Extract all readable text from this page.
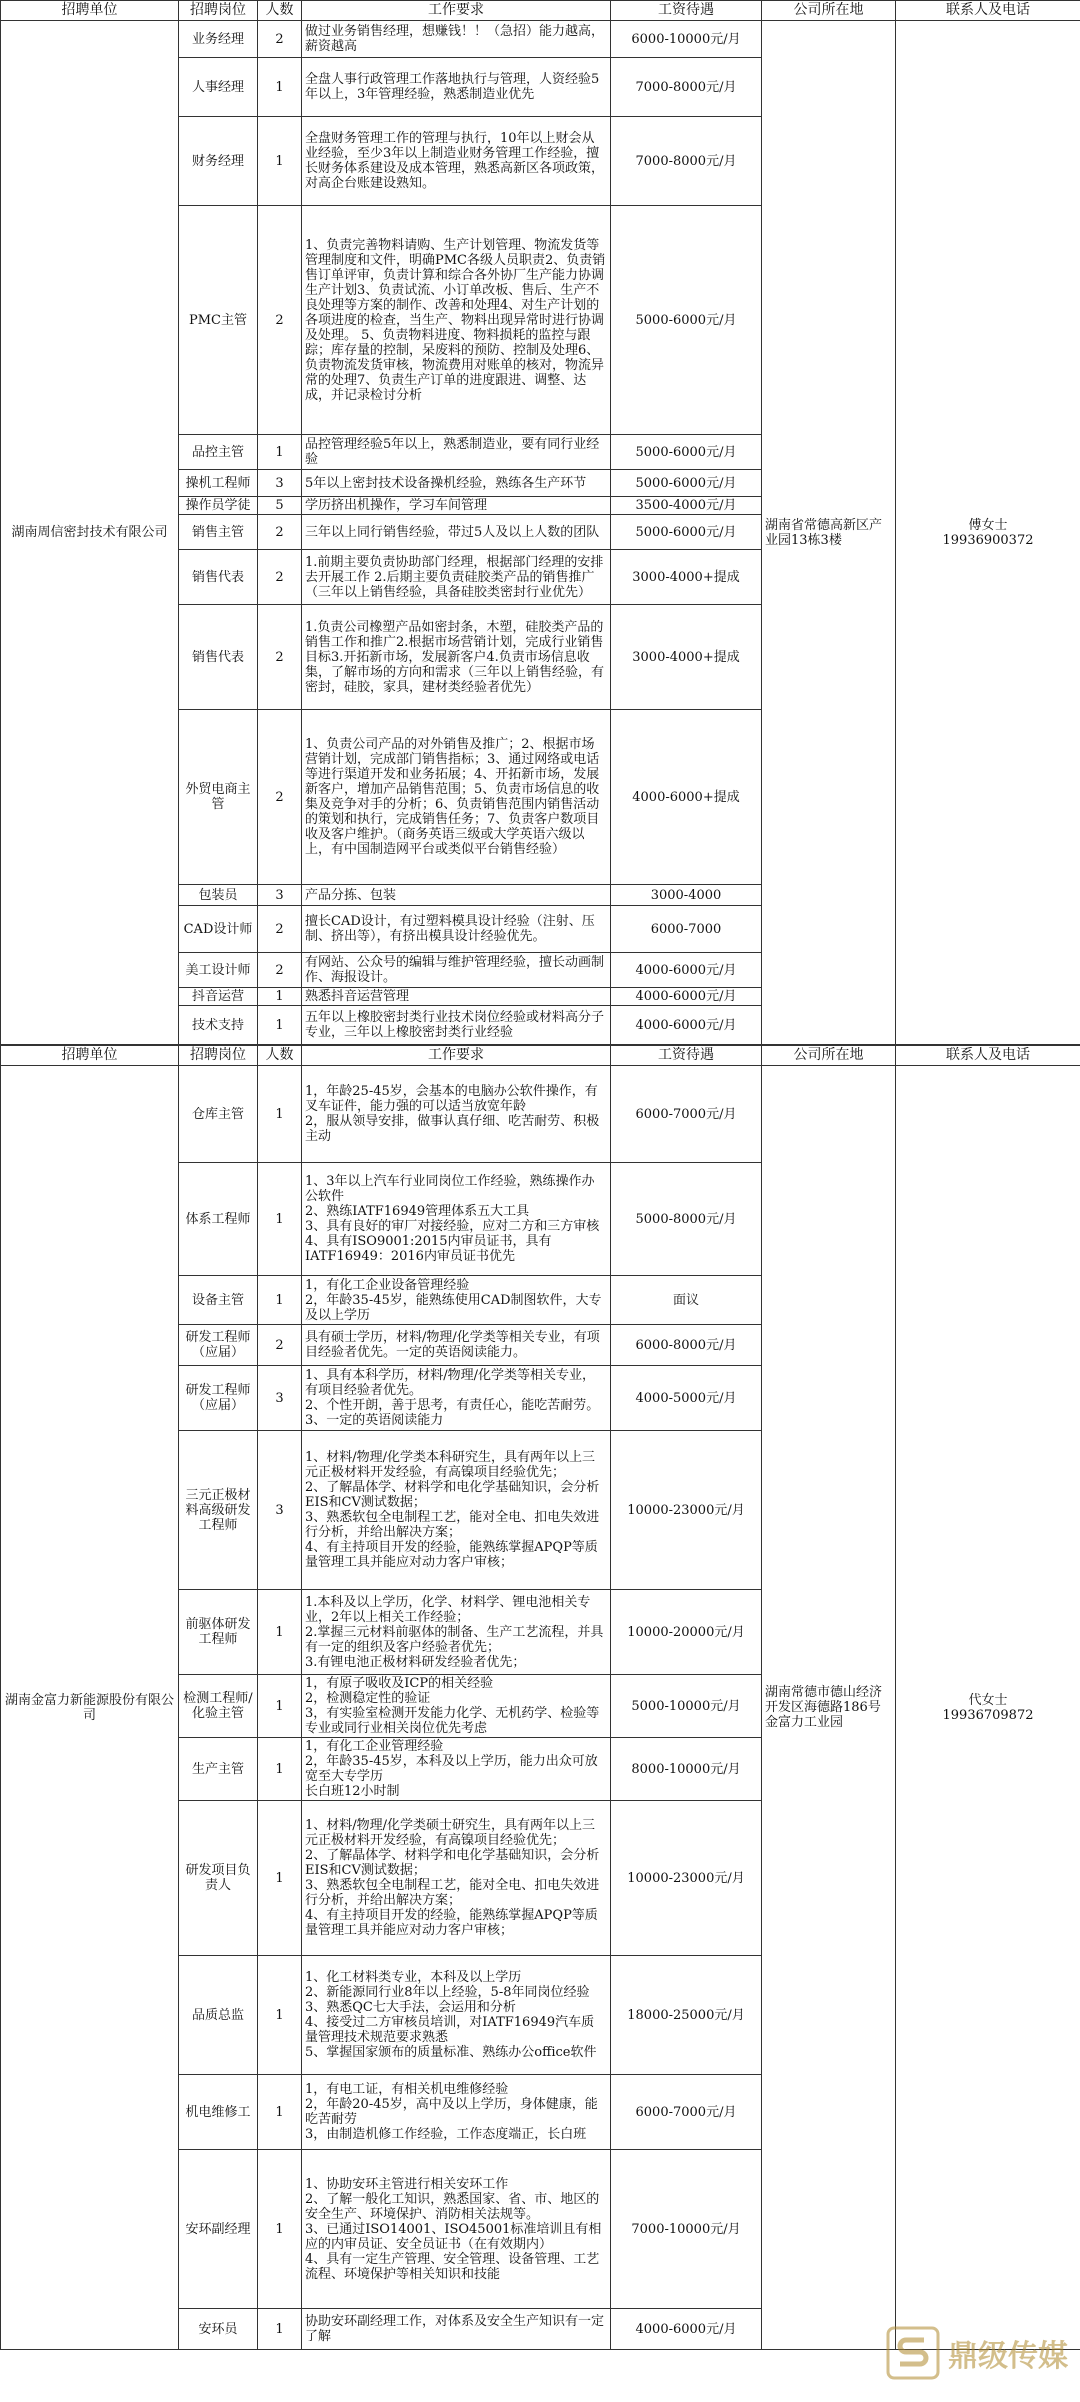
招聘单位	招聘岗位	人数	工作要求	工资待遇	公司所在地	联系人及电话
湖南周信密封技术有限公司	业务经理	2	做过业务销售经理，想赚钱！！（急招）能力越高，薪资越高	6000-10000元/月	湖南省常德高新区产业园13栋3楼	傅女士
19936900372
	人事经理	1	全盘人事行政管理工作落地执行与管理，人资经验5年以上，3年管理经验，熟悉制造业优先	7000-8000元/月		
	财务经理	1	全盘财务管理工作的管理与执行，10年以上财会从业经验，至少3年以上制造业财务管理工作经验，擅长财务体系建设及成本管理，熟悉高新区各项政策，对高企台账建设熟知。	7000-8000元/月		
	PMC主管	2	1、负责完善物料请购、生产计划管理、物流发货等管理制度和文件，明确PMC各级人员职责2、负责销售订单评审，负责计算和综合各外协厂生产能力协调生产计划3、负责试流、小订单改板、售后、生产不良处理等方案的制作、改善和处理4、对生产计划的各项进度的检查，当生产、物料出现异常时进行协调及处理。 5、负责物料进度、物料损耗的监控与跟踪；库存量的控制，呆废料的预防、控制及处理6、负责物流发货审核，物流费用对账单的核对，物流异常的处理7、负责生产订单的进度跟进、调整、达成，并记录检讨分析	5000-6000元/月		
	品控主管	1	品控管理经验5年以上，熟悉制造业，要有同行业经验	5000-6000元/月		
	操机工程师	3	5年以上密封技术设备操机经验，熟练各生产环节	5000-6000元/月		
	操作员学徒	5	学历挤出机操作，学习车间管理	3500-4000元/月		
	销售主管	2	三年以上同行销售经验，带过5人及以上人数的团队	5000-6000元/月		
	销售代表	2	1.前期主要负责协助部门经理，根据部门经理的安排去开展工作 2.后期主要负责硅胶类产品的销售推广（三年以上销售经验，具备硅胶类密封行业优先）	3000-4000+提成		
	销售代表	2	1.负责公司橡塑产品如密封条，木塑，硅胶类产品的销售工作和推广2.根据市场营销计划，完成行业销售目标3.开拓新市场，发展新客户4.负责市场信息收集，了解市场的方向和需求（三年以上销售经验，有密封，硅胶，家具，建材类经验者优先）	3000-4000+提成		
	外贸电商主管	2	1、负责公司产品的对外销售及推广；2、根据市场营销计划，完成部门销售指标；3、通过网络或电话等进行渠道开发和业务拓展；4、开拓新市场，发展新客户，增加产品销售范围；5、负责市场信息的收集及竞争对手的分析；6、负责销售范围内销售活动的策划和执行，完成销售任务；7、负责客户数项目收及客户维护。（商务英语三级或大学英语六级以上，有中国制造网平台或类似平台销售经验）	4000-6000+提成		
	包装员	3	产品分拣、包装	3000-4000		
	CAD设计师	2	擅长CAD设计，有过塑料模具设计经验（注射、压制、挤出等），有挤出模具设计经验优先。	6000-7000		
	美工设计师	2	有网站、公众号的编辑与维护管理经验，擅长动画制作、海报设计。	4000-6000元/月		
	抖音运营	1	熟悉抖音运营管理	4000-6000元/月		
	技术支持	1	五年以上橡胶密封类行业技术岗位经验或材料高分子专业，三年以上橡胶密封类行业经验	4000-6000元/月		
招聘单位	招聘岗位	人数	工作要求	工资待遇	公司所在地	联系人及电话
湖南金富力新能源股份有限公司	仓库主管	1	1，年龄25-45岁，会基本的电脑办公软件操作，有叉车证件，能力强的可以适当放宽年龄
2，服从领导安排，做事认真仔细、吃苦耐劳、积极主动	6000-7000元/月	湖南常德市德山经济开发区海德路186号金富力工业园	代女士
19936709872
	体系工程师	1	1、3年以上汽车行业同岗位工作经验，熟练操作办公软件
2、熟练IATF16949管理体系五大工具
3、具有良好的审厂对接经验，应对二方和三方审核
4、具有ISO9001:2015内审员证书，具有IATF16949：2016内审员证书优先	5000-8000元/月		
	设备主管	1	1，有化工企业设备管理经验
2，年龄35-45岁，能熟练使用CAD制图软件，大专及以上学历	面议		
	研发工程师（应届）	2	具有硕士学历，材料/物理/化学类等相关专业，有项目经验者优先。一定的英语阅读能力。	6000-8000元/月		
	研发工程师（应届）	3	1、具有本科学历，材料/物理/化学类等相关专业，有项目经验者优先。
2、个性开朗，善于思考，有责任心，能吃苦耐劳。
3、一定的英语阅读能力	4000-5000元/月		
	三元正极材料高级研发工程师	3	1、材料/物理/化学类本科研究生，具有两年以上三元正极材料开发经验，有高镍项目经验优先；
2、了解晶体学、材料学和电化学基础知识，会分析EIS和CV测试数据；
3、熟悉软包全电制程工艺，能对全电、扣电失效进行分析，并给出解决方案；
4、有主持项目开发的经验，能熟练掌握APQP等质量管理工具并能应对动力客户审核；	10000-23000元/月		
	前驱体研发工程师	1	1.本科及以上学历，化学、材料学、锂电池相关专业，2年以上相关工作经验；
2.掌握三元材料前驱体的制备、生产工艺流程，并具有一定的组织及客户经验者优先；
3.有锂电池正极材料研发经验者优先；	10000-20000元/月		
	检测工程师/化验主管	1	1，有原子吸收及ICP的相关经验
2，检测稳定性的验证
3，有实验室检测开发能力化学、无机药学、检验等专业或同行业相关岗位优先考虑	5000-10000元/月		
	生产主管	1	1，有化工企业管理经验
2，年龄35-45岁，本科及以上学历，能力出众可放宽至大专学历
长白班12小时制	8000-10000元/月		
	研发项目负责人	1	1、材料/物理/化学类硕士研究生，具有两年以上三元正极材料开发经验，有高镍项目经验优先；
2、了解晶体学、材料学和电化学基础知识，会分析EIS和CV测试数据；
3、熟悉软包全电制程工艺，能对全电、扣电失效进行分析，并给出解决方案；
4、有主持项目开发的经验，能熟练掌握APQP等质量管理工具并能应对动力客户审核；	10000-23000元/月		
	品质总监	1	1、化工材料类专业，本科及以上学历
2、新能源同行业8年以上经验，5-8年同岗位经验
3、熟悉QC七大手法，会运用和分析
4、接受过二方审核员培训，对IATF16949汽车质量管理技术规范要求熟悉
5、掌握国家颁布的质量标准、熟练办公office软件	18000-25000元/月		
	机电维修工	1	1，有电工证，有相关机电维修经验
2，年龄20-45岁，高中及以上学历，身体健康，能吃苦耐劳
3，由制造机修工作经验，工作态度端正，长白班	6000-7000元/月		
	安环副经理	1	1、协助安环主管进行相关安环工作
2、了解一般化工知识，熟悉国家、省、市、地区的安全生产、环境保护、消防相关法规等。
3、已通过ISO14001、ISO45001标准培训且有相应的内审员证、安全员证书（在有效期内）
4、具有一定生产管理、安全管理、设备管理、工艺流程、环境保护等相关知识和技能	7000-10000元/月		
	安环员	1	协助安环副经理工作，对体系及安全生产知识有一定了解	4000-6000元/月		
鼎级传媒
